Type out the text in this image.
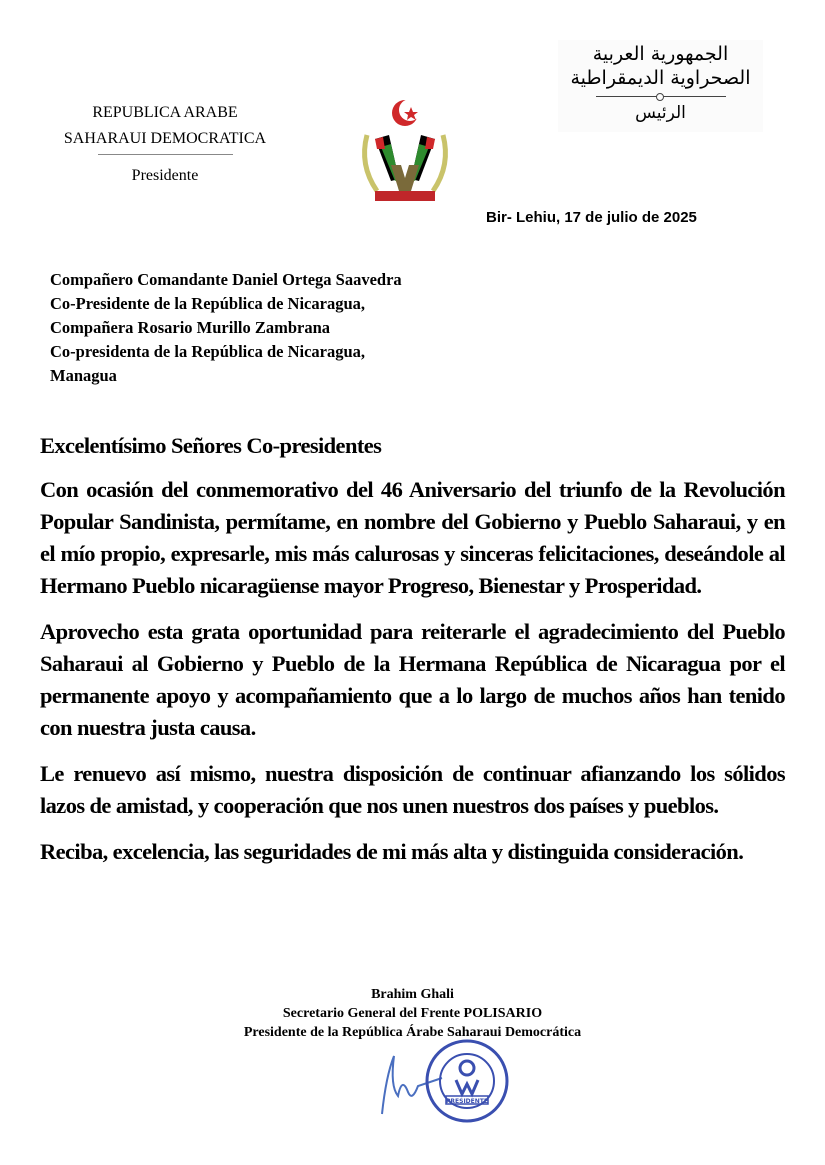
REPUBLICA ARABE
SAHARAUI DEMOCRATICA
Presidente
الجمهورية العربية
الصحراوية الديمقراطية
الرئيس
Bir- Lehiu, 17 de julio de 2025
Compañero Comandante Daniel Ortega Saavedra
Co-Presidente de la República de Nicaragua,
Compañera Rosario Murillo Zambrana
Co-presidenta de la República de Nicaragua,
Managua

Excelentísimo Señores Co-presidentes

Con ocasión del conmemorativo del 46 Aniversario del triunfo de la Revolución Popular Sandinista, permítame, en nombre del Gobierno y Pueblo Saharaui, y en el mío propio, expresarle, mis más calurosas y sinceras felicitaciones, deseándole al Hermano Pueblo nicaragüense mayor Progreso, Bienestar y Prosperidad.

Aprovecho esta grata oportunidad para reiterarle el agradecimiento del Pueblo Saharaui al Gobierno y Pueblo de la Hermana República de Nicaragua por el permanente apoyo y acompañamiento que a lo largo de muchos años han tenido con nuestra justa causa.

Le renuevo así mismo, nuestra disposición de continuar afianzando los sólidos lazos de amistad, y cooperación que nos unen nuestros dos países y pueblos.

Reciba, excelencia, las seguridades de mi más alta y distinguida consideración.

Brahim Ghali
Secretario General del Frente POLISARIO
Presidente de la República Árabe Saharaui Democrática
PRESIDENTE
